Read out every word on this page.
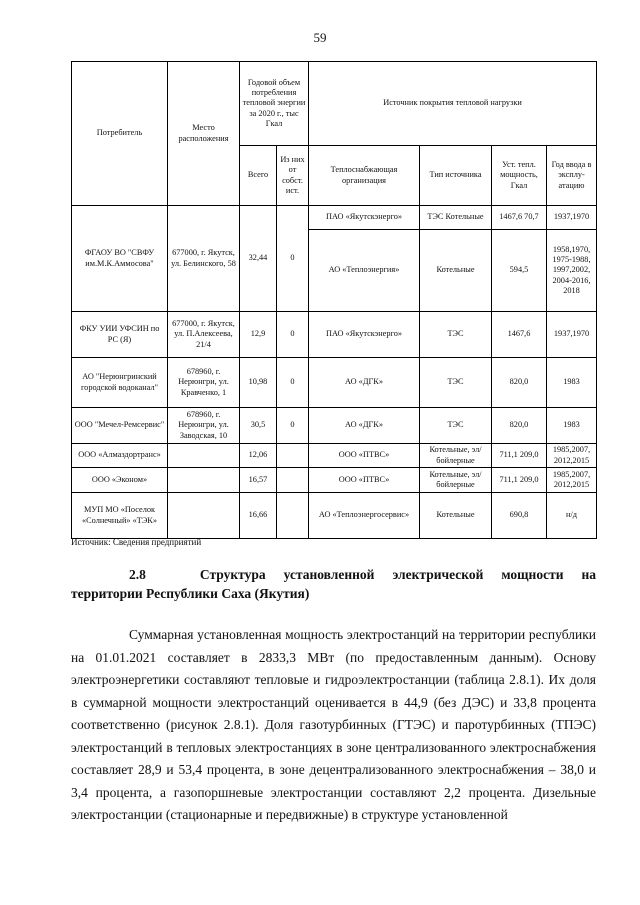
59
Потребитель	Место расположения	Годовой объем потребления тепловой энергии за 2020 г., тыс Гкал		Источник покрытия тепловой нагрузки			
		Всего	Из них от собст. ист.	Теплоснабжающая организация	Тип источника	Уст. тепл. мощность, Гкал	Год ввода в эксплу-атацию
ФГАОУ ВО "СВФУ им.М.К.Аммосова"	677000, г. Якутск, ул. Белинского, 58	32,44	0	ПАО «Якутскэнерго»	ТЭС Котельные	1467,6 70,7	1937,1970
				АО «Теплоэнергия»	Котельные	594,5	1958,1970, 1975-1988, 1997,2002, 2004-2016, 2018
ФКУ УИИ УФСИН по РС (Я)	677000, г. Якутск, ул. П.Алексеева, 21/4	12,9	0	ПАО «Якутскэнерго»	ТЭС	1467,6	1937,1970
АО "Нерюнгринский городской водоканал"	678960, г. Нерюнгри, ул. Кравченко, 1	10,98	0	АО «ДГК»	ТЭС	820,0	1983
ООО "Мечел-Ремсервис"	678960, г. Нерюнгри, ул. Заводская, 10	30,5	0	АО «ДГК»	ТЭС	820,0	1983
ООО «Алмаздортранс»		12,06		ООО «ПТВС»	Котельные, эл/бойлерные	711,1 209,0	1985,2007, 2012,2015
ООО «Эконом»		16,57		ООО «ПТВС»	Котельные, эл/бойлерные	711,1 209,0	1985,2007, 2012,2015
МУП МО «Поселок «Солнечный» «ТЭК»		16,66		АО «Теплоэнергосервис»	Котельные	690,8	н/д
Источник: Сведения предприятий
2.8	Структура установленной электрической мощности на
территории Республики Саха (Якутия)

Суммарная установленная мощность электростанций на территории республики на 01.01.2021 составляет в 2833,3 МВт (по предоставленным данным). Основу электроэнергетики составляют тепловые и гидроэлектростанции (таблица 2.8.1). Их доля в суммарной мощности электростанций оценивается в 44,9 (без ДЭС) и 33,8 процента соответственно (рисунок 2.8.1). Доля газотурбинных (ГТЭС) и паротурбинных (ТПЭС) электростанций в тепловых электростанциях в зоне централизованного электроснабжения составляет 28,9 и 53,4 процента, в зоне децентрализованного электроснабжения – 38,0 и 3,4 процента, а газопоршневые электростанции составляют 2,2 процента. Дизельные электростанции (стационарные и передвижные) в структуре установленной
